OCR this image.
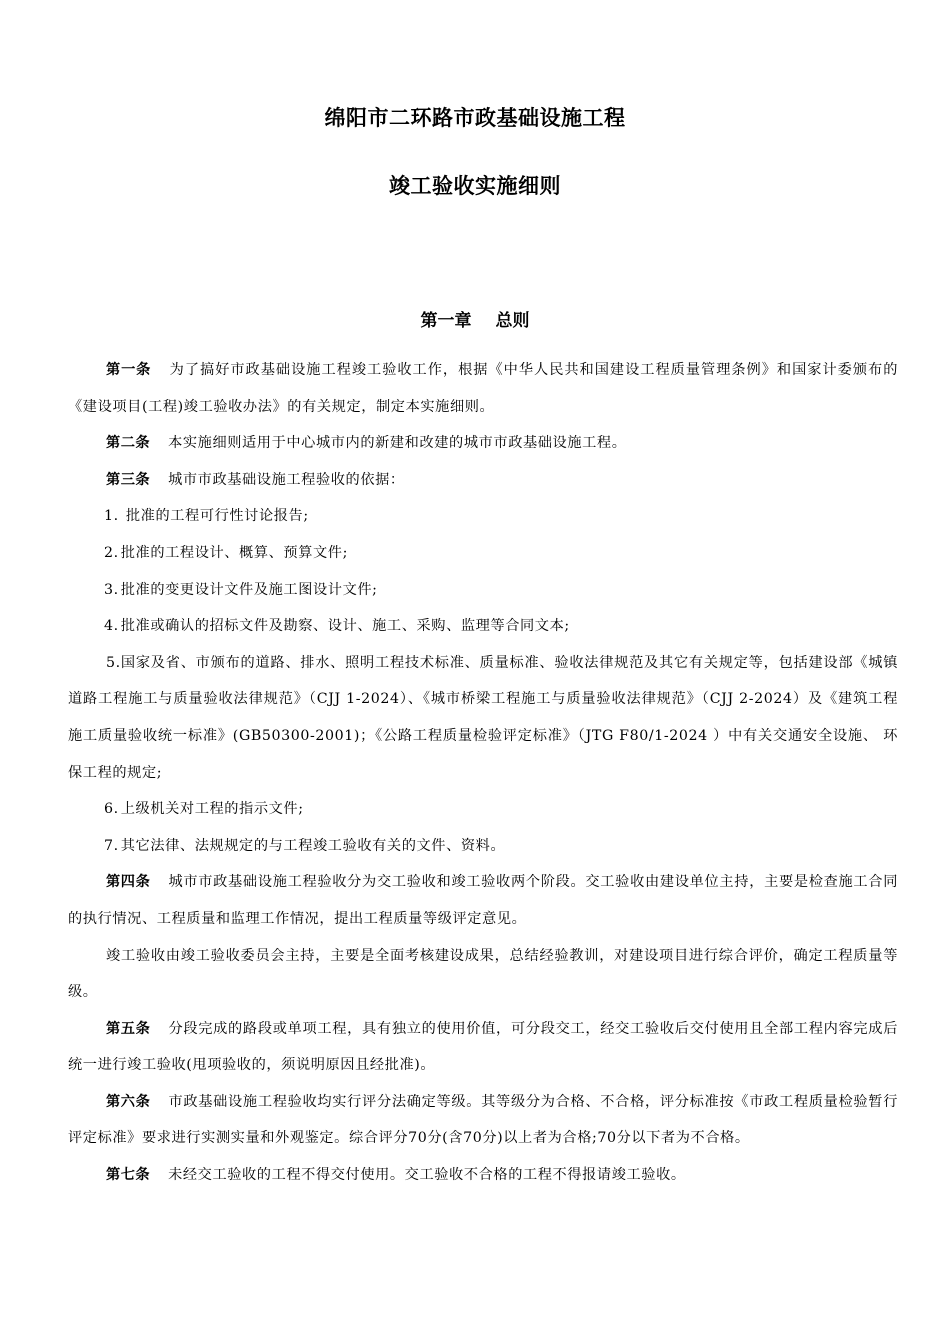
绵阳市二环路市政基础设施工程
竣工验收实施细则
第一章 总则

第一条 为了搞好市政基础设施工程竣工验收工作，根据《中华人民共和国建设工程质量管理条例》和国家计委颁布的《建设项目(工程)竣工验收办法》的有关规定，制定本实施细则。

第二条 本实施细则适用于中心城市内的新建和改建的城市市政基础设施工程。

第三条 城市市政基础设施工程验收的依据：

1. 批准的工程可行性讨论报告;

2. 批准的工程设计、概算、预算文件;

3. 批准的变更设计文件及施工图设计文件;

4. 批准或确认的招标文件及勘察、设计、施工、采购、监理等合同文本;

5.国家及省、市颁布的道路、排水、照明工程技术标准、质量标准、验收法律规范及其它有关规定等，包括建设部《城镇道路工程施工与质量验收法律规范》（CJJ 1-2024）、《城市桥梁工程施工与质量验收法律规范》（CJJ 2-2024）及《建筑工程施工质量验收统一标准》(GB50300-2001)；《公路工程质量检验评定标准》（JTG F80/1-2024 ）中有关交通安全设施、 环保工程的规定;

6. 上级机关对工程的指示文件;

7. 其它法律、法规规定的与工程竣工验收有关的文件、资料。

第四条 城市市政基础设施工程验收分为交工验收和竣工验收两个阶段。交工验收由建设单位主持，主要是检查施工合同的执行情况、工程质量和监理工作情况，提出工程质量等级评定意见。

竣工验收由竣工验收委员会主持，主要是全面考核建设成果，总结经验教训，对建设项目进行综合评价，确定工程质量等级。

第五条 分段完成的路段或单项工程，具有独立的使用价值，可分段交工，经交工验收后交付使用且全部工程内容完成后统一进行竣工验收(甩项验收的，须说明原因且经批准)。

第六条 市政基础设施工程验收均实行评分法确定等级。其等级分为合格、不合格，评分标准按《市政工程质量检验暂行评定标准》要求进行实测实量和外观鉴定。综合评分70分(含70分)以上者为合格;70分以下者为不合格。

第七条 未经交工验收的工程不得交付使用。交工验收不合格的工程不得报请竣工验收。
